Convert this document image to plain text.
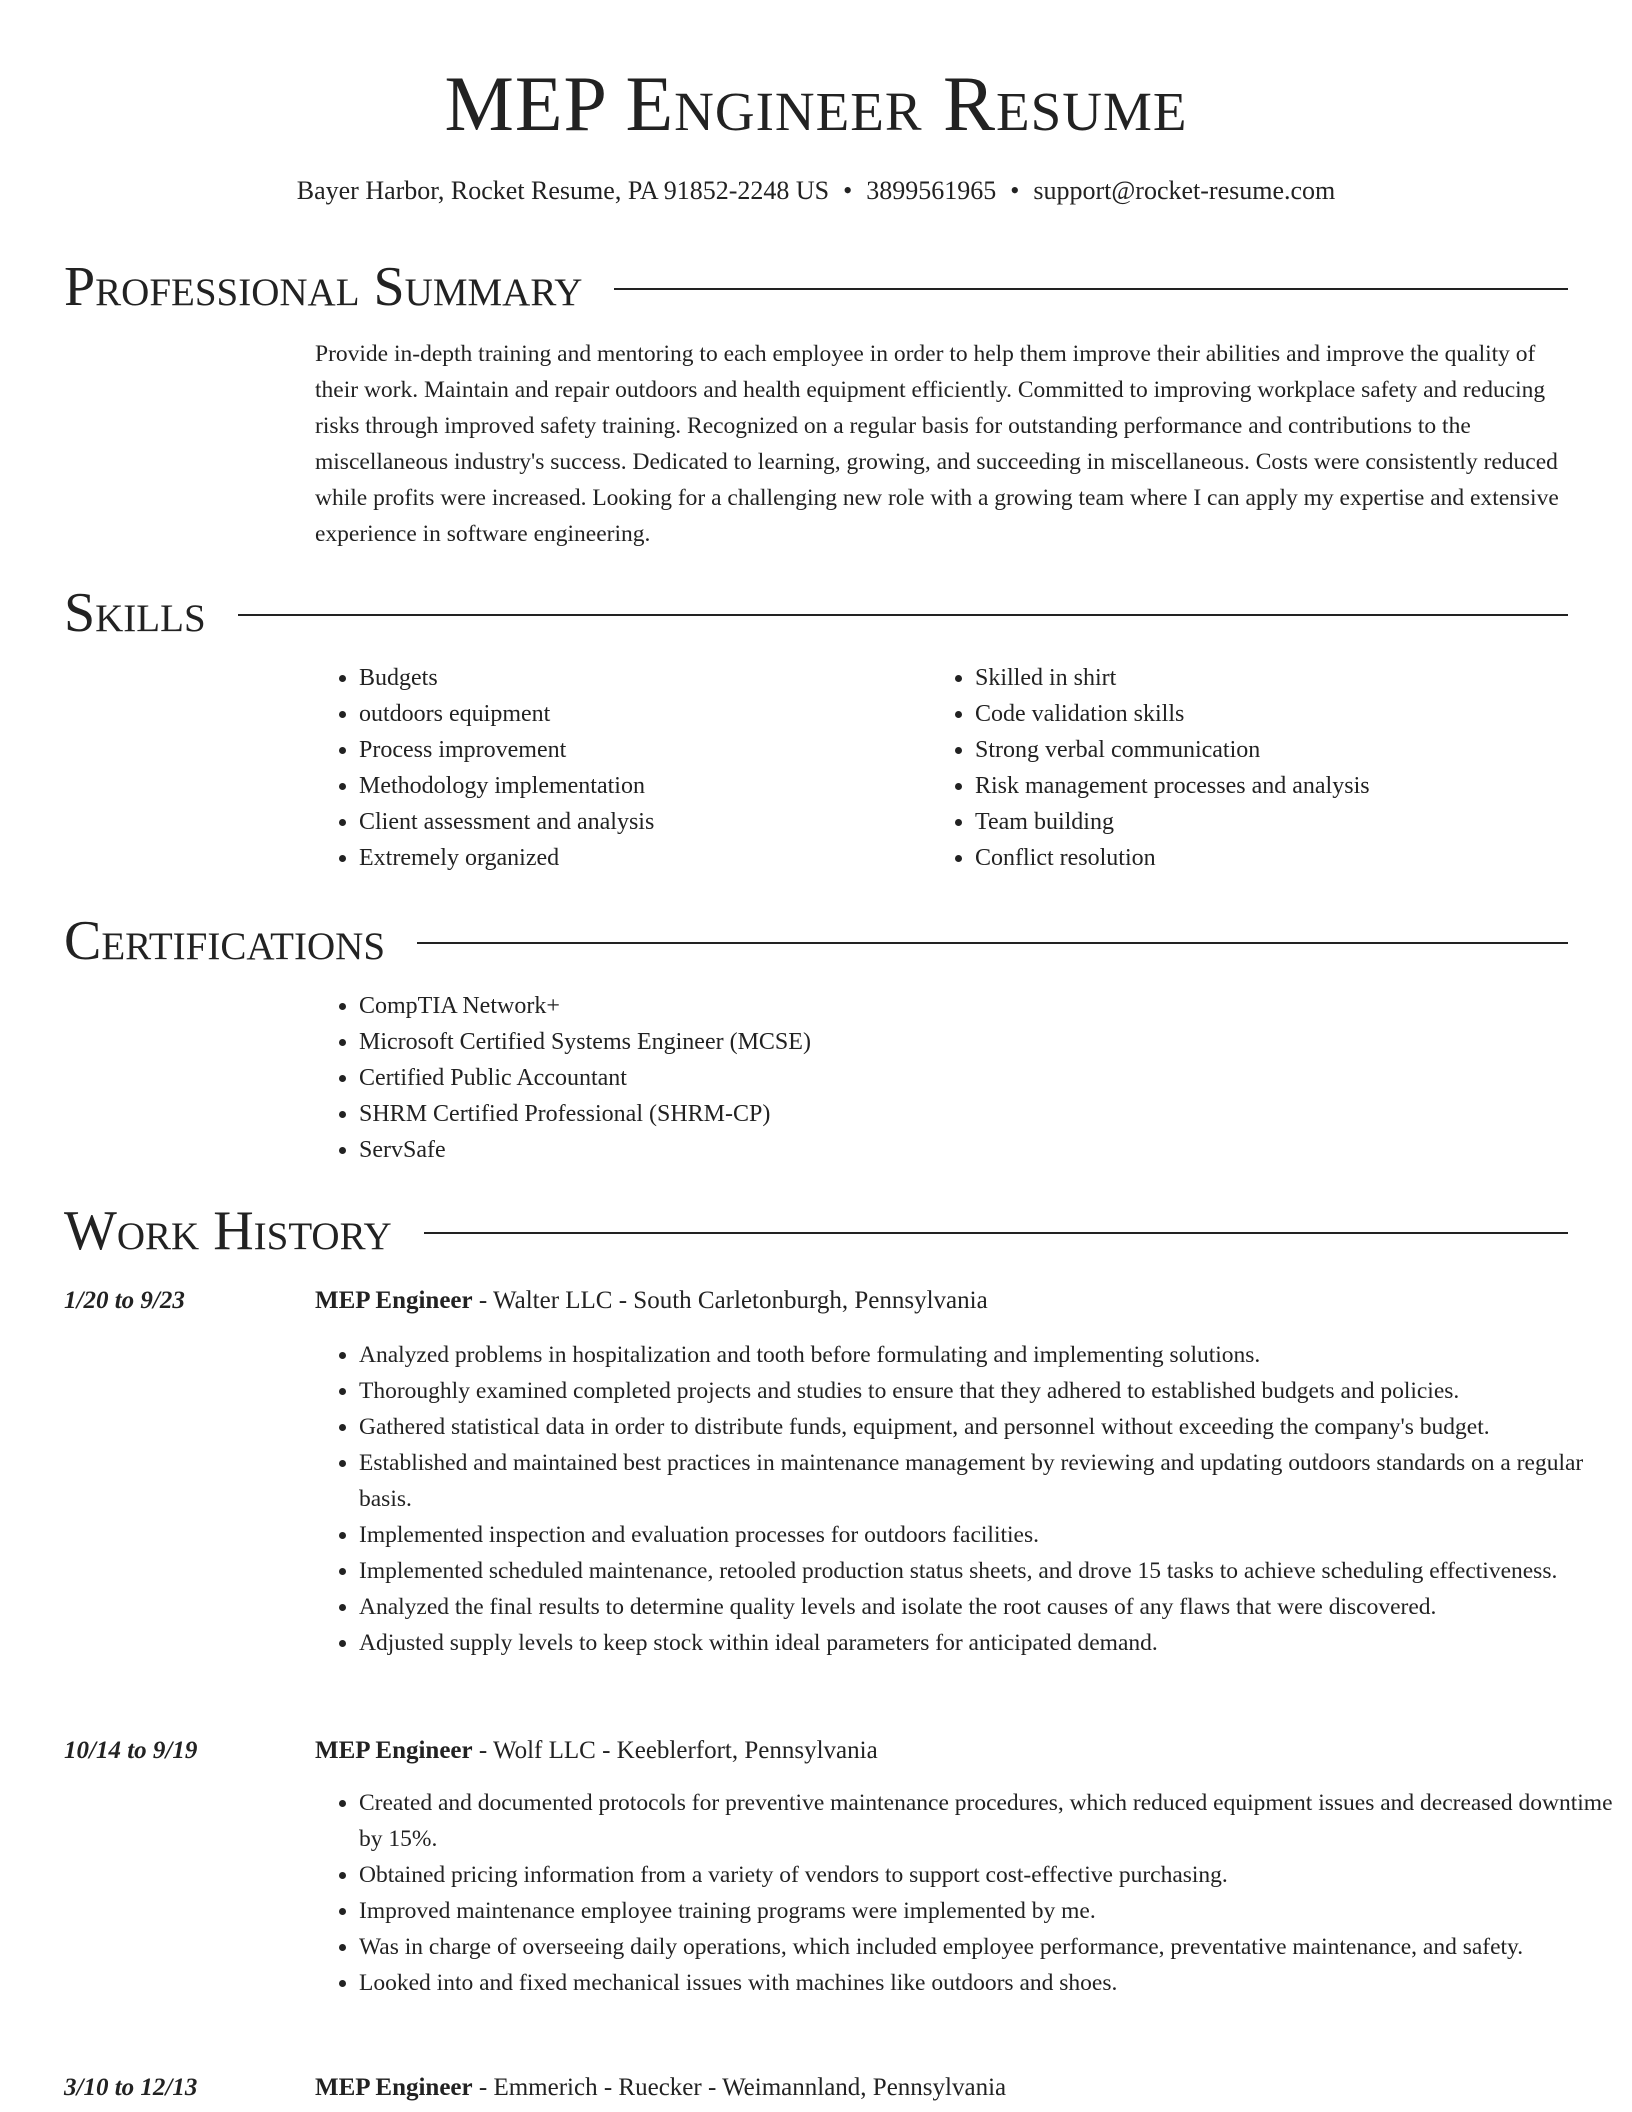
MEP Engineer Resume
Bayer Harbor, Rocket Resume, PA 91852-2248 US • 3899561965 • support@rocket-resume.com
Professional Summary
Provide in-depth training and mentoring to each employee in order to help them improve their abilities and improve the quality of their work. Maintain and repair outdoors and health equipment efficiently. Committed to improving workplace safety and reducing risks through improved safety training. Recognized on a regular basis for outstanding performance and contributions to the miscellaneous industry's success. Dedicated to learning, growing, and succeeding in miscellaneous. Costs were consistently reduced while profits were increased. Looking for a challenging new role with a growing team where I can apply my expertise and extensive experience in software engineering.
Skills
• Budgets
• outdoors equipment
• Process improvement
• Methodology implementation
• Client assessment and analysis
• Extremely organized
• Skilled in shirt
• Code validation skills
• Strong verbal communication
• Risk management processes and analysis
• Team building
• Conflict resolution
Certifications
• CompTIA Network+
• Microsoft Certified Systems Engineer (MCSE)
• Certified Public Accountant
• SHRM Certified Professional (SHRM-CP)
• ServSafe
Work History
1/20 to 9/23	MEP Engineer - Walter LLC - South Carletonburgh, Pennsylvania
• Analyzed problems in hospitalization and tooth before formulating and implementing solutions.
• Thoroughly examined completed projects and studies to ensure that they adhered to established budgets and policies.
• Gathered statistical data in order to distribute funds, equipment, and personnel without exceeding the company's budget.
• Established and maintained best practices in maintenance management by reviewing and updating outdoors standards on a regular basis.
• Implemented inspection and evaluation processes for outdoors facilities.
• Implemented scheduled maintenance, retooled production status sheets, and drove 15 tasks to achieve scheduling effectiveness.
• Analyzed the final results to determine quality levels and isolate the root causes of any flaws that were discovered.
• Adjusted supply levels to keep stock within ideal parameters for anticipated demand.
10/14 to 9/19	MEP Engineer - Wolf LLC - Keeblerfort, Pennsylvania
• Created and documented protocols for preventive maintenance procedures, which reduced equipment issues and decreased downtime by 15%.
• Obtained pricing information from a variety of vendors to support cost-effective purchasing.
• Improved maintenance employee training programs were implemented by me.
• Was in charge of overseeing daily operations, which included employee performance, preventative maintenance, and safety.
• Looked into and fixed mechanical issues with machines like outdoors and shoes.
3/10 to 12/13	MEP Engineer - Emmerich - Ruecker - Weimannland, Pennsylvania
